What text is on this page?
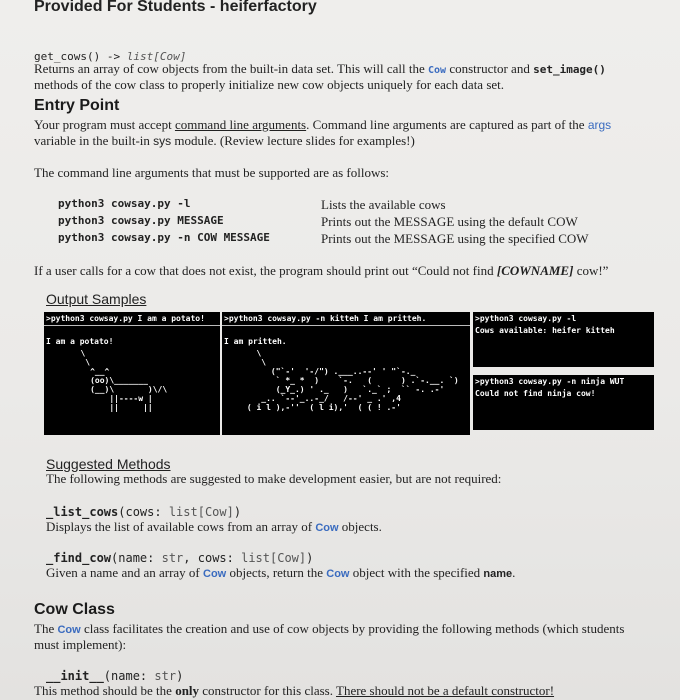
Provided For Students - heiferfactory
get_cows() -> list[Cow]
Returns an array of cow objects from the built-in data set. This will call the Cow constructor and set_image()
methods of the cow class to properly initialize new cow objects uniquely for each data set.
Entry Point
Your program must accept command line arguments. Command line arguments are captured as part of the args
variable in the built-in sys module. (Review lecture slides for examples!)
The command line arguments that must be supported are as follows:
python3 cowsay.py -l	Lists the available cows
python3 cowsay.py MESSAGE	Prints out the MESSAGE using the default COW
python3 cowsay.py -n COW MESSAGE	Prints out the MESSAGE using the specified COW
If a user calls for a cow that does not exist, the program should print out “Could not find [COWNAME] cow!”
Output Samples
>python3 cowsay.py I am a potato!
I am a potato!
\
\
^__^
(oo)\_______
(__)\       )\/\
||----w |
||     ||
>python3 cowsay.py -n kitteh I am pritteh.
I am pritteh.
\
\
("`-'  '-/") .___..--' ' "`-._
` *_ *  )    `-.   (      ) .`-.__. `)
(_Y_.) ' ._   )   `._` ;  `` -. .-'
_.. `--'_..-_/   /--' _ .' ,4
( i l ),-''  ( l i),'  ( ( ! .-'
>python3 cowsay.py -l
Cows available: heifer kitteh
>python3 cowsay.py -n ninja WUT
Could not find ninja cow!
Suggested Methods
The following methods are suggested to make development easier, but are not required:
_list_cows(cows: list[Cow])
Displays the list of available cows from an array of Cow objects.
_find_cow(name: str, cows: list[Cow])
Given a name and an array of Cow objects, return the Cow object with the specified name.
Cow Class
The Cow class facilitates the creation and use of cow objects by providing the following methods (which students
must implement):
__init__(name: str)
This method should be the only constructor for this class. There should not be a default constructor!
